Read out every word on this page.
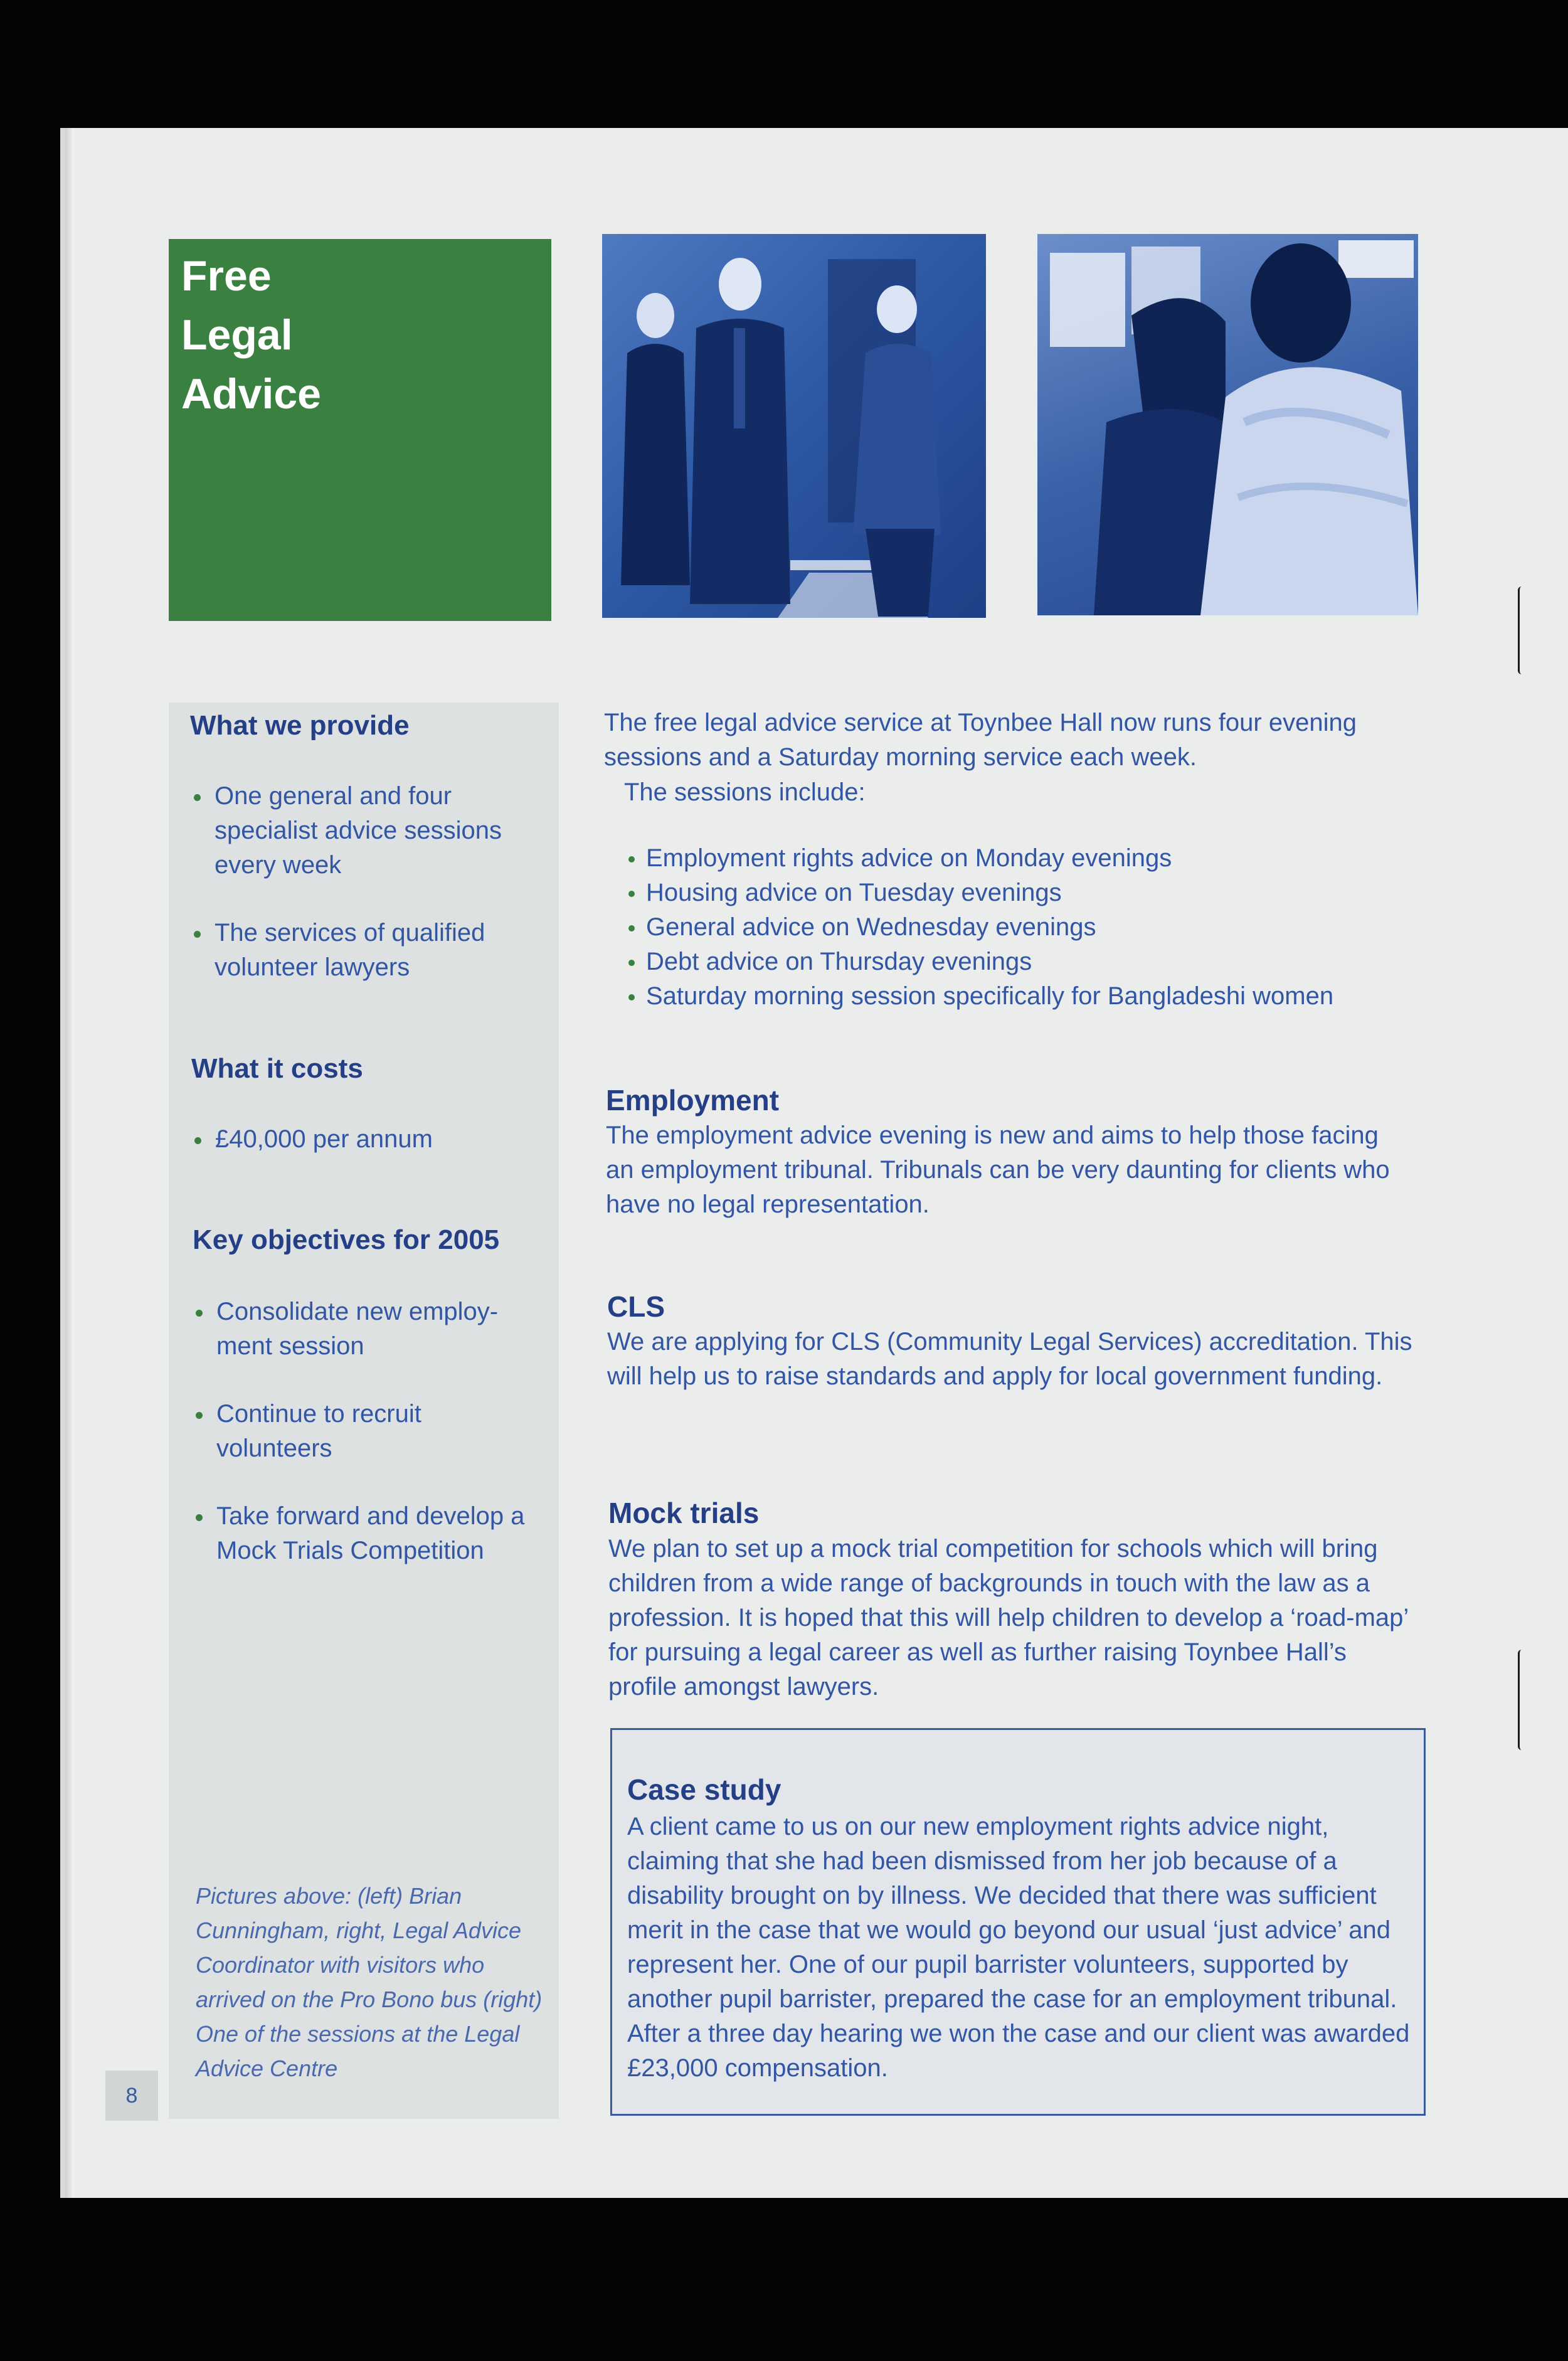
Free
Legal
Advice
What we provide
One general and four specialist advice sessions every week
The services of qualified volunteer lawyers
What it costs
£40,000 per annum
Key objectives for 2005
Consolidate new employ-ment session
Continue to recruit volunteers
Take forward and develop a Mock Trials Competition

Pictures above: (left) Brian Cunningham, right, Legal Advice Coordinator with visitors who arrived on the Pro Bono bus (right) One of the sessions at the Legal Advice Centre

8

The free legal advice service at Toynbee Hall now runs four evening sessions and a Saturday morning service each week.

The sessions include:

Employment rights advice on Monday evenings
Housing advice on Tuesday evenings
General advice on Wednesday evenings
Debt advice on Thursday evenings
Saturday morning session specifically for Bangladeshi women
Employment

The employment advice evening is new and aims to help those facing an employment tribunal. Tribunals can be very daunting for clients who have no legal representation.

CLS

We are applying for CLS (Community Legal Services) accreditation. This will help us to raise standards and apply for local government funding.

Mock trials

We plan to set up a mock trial competition for schools which will bring children from a wide range of backgrounds in touch with the law as a profession. It is hoped that this will help children to develop a ‘road-map’ for pursuing a legal career as well as further raising Toynbee Hall’s profile amongst lawyers.

Case study

A client came to us on our new employment rights advice night, claiming that she had been dismissed from her job because of a disability brought on by illness. We decided that there was sufficient merit in the case that we would go beyond our usual ‘just advice’ and represent her. One of our pupil barrister volunteers, supported by another pupil barrister, prepared the case for an employment tribunal. After a three day hearing we won the case and our client was awarded £23,000 compensation.
